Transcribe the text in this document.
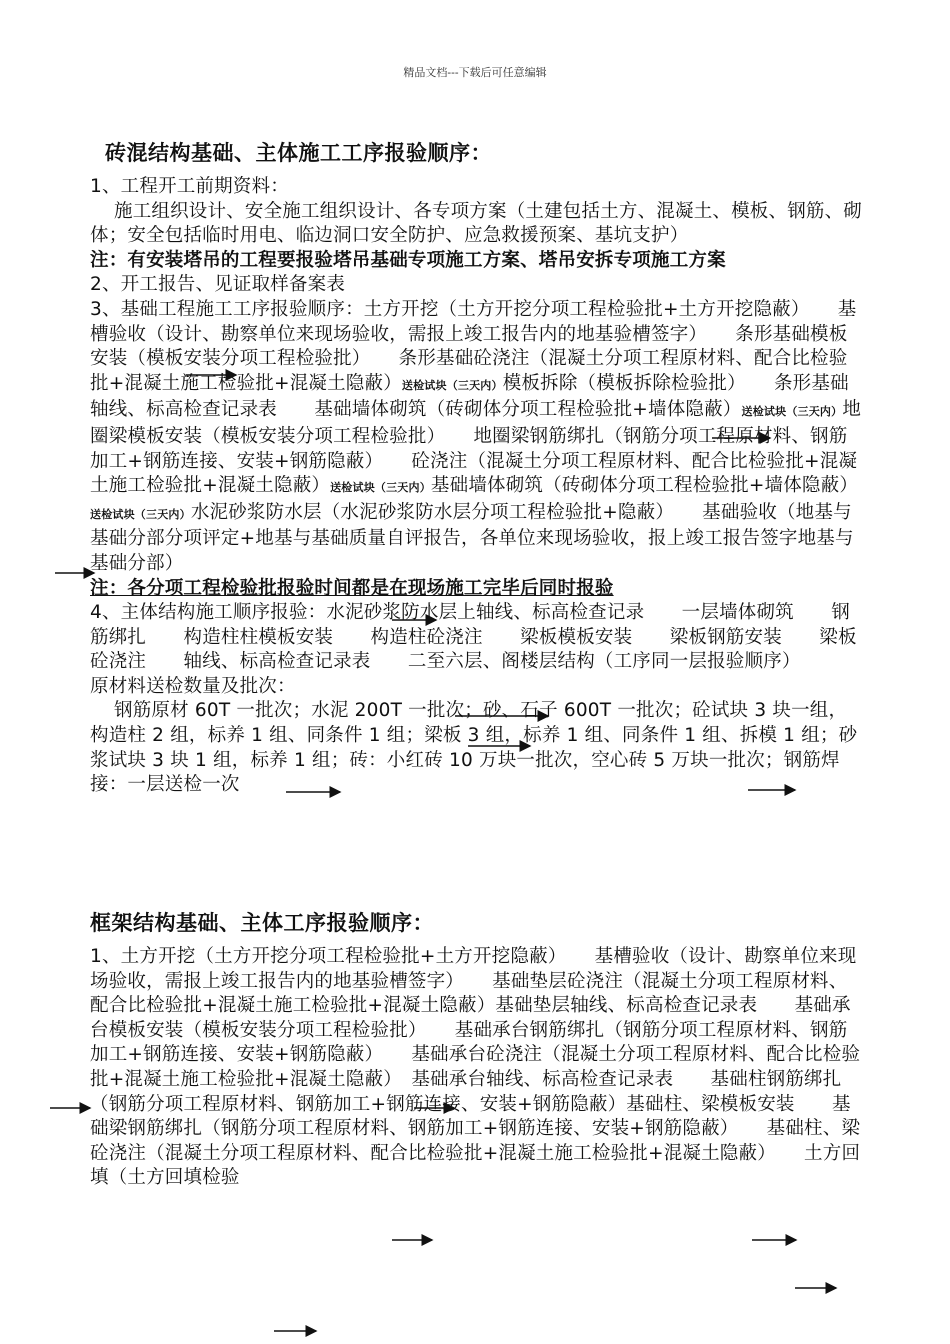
精品文档---下载后可任意编辑
砖混结构基础、主体施工工序报验顺序：

1、工程开工前期资料：

施工组织设计、安全施工组织设计、各专项方案（土建包括土方、混凝土、模板、钢筋、砌体；安全包括临时用电、临边洞口安全防护、应急救援预案、基坑支护）

注：有安装塔吊的工程要报验塔吊基础专项施工方案、塔吊安拆专项施工方案

2、开工报告、见证取样备案表

3、基础工程施工工序报验顺序：土方开挖（土方开挖分项工程检验批+土方开挖隐蔽）　　基槽验收（设计、勘察单位来现场验收，需报上竣工报告内的地基验槽签字）　　条形基础模板安装（模板安装分项工程检验批）　　条形基础砼浇注（混凝土分项工程原材料、配合比检验批+混凝土施工检验批+混凝土隐蔽）送检试块（三天内）模板拆除（模板拆除检验批）　　条形基础轴线、标高检查记录表　　基础墙体砌筑（砖砌体分项工程检验批+墙体隐蔽）送检试块（三天内）地圈梁模板安装（模板安装分项工程检验批）　　地圈梁钢筋绑扎（钢筋分项工程原材料、钢筋加工+钢筋连接、安装+钢筋隐蔽）　　砼浇注（混凝土分项工程原材料、配合比检验批+混凝土施工检验批+混凝土隐蔽）送检试块（三天内）基础墙体砌筑（砖砌体分项工程检验批+墙体隐蔽）送检试块（三天内）水泥砂浆防水层（水泥砂浆防水层分项工程检验批+隐蔽）　　基础验收（地基与基础分部分项评定+地基与基础质量自评报告，各单位来现场验收，报上竣工报告签字地基与基础分部）

注：各分项工程检验批报验时间都是在现场施工完毕后同时报验

4、主体结构施工顺序报验：水泥砂浆防水层上轴线、标高检查记录　　一层墙体砌筑　　钢筋绑扎　　构造柱柱模板安装　　构造柱砼浇注　　梁板模板安装　　梁板钢筋安装　　梁板砼浇注　　轴线、标高检查记录表　　二至六层、阁楼层结构（工序同一层报验顺序）

原材料送检数量及批次：

钢筋原材 60T 一批次；水泥 200T 一批次；砂、石子 600T 一批次；砼试块 3 块一组，构造柱 2 组，标养 1 组、同条件 1 组；梁板 3 组，标养 1 组、同条件 1 组、拆模 1 组；砂浆试块 3 块 1 组，标养 1 组；砖：小红砖 10 万块一批次，空心砖 5 万块一批次；钢筋焊接：一层送检一次

框架结构基础、主体工序报验顺序：

1、土方开挖（土方开挖分项工程检验批+土方开挖隐蔽）　　基槽验收（设计、勘察单位来现场验收，需报上竣工报告内的地基验槽签字）　　基础垫层砼浇注（混凝土分项工程原材料、配合比检验批+混凝土施工检验批+混凝土隐蔽）基础垫层轴线、标高检查记录表　　基础承台模板安装（模板安装分项工程检验批）　　基础承台钢筋绑扎（钢筋分项工程原材料、钢筋加工+钢筋连接、安装+钢筋隐蔽）　　基础承台砼浇注（混凝土分项工程原材料、配合比检验批+混凝土施工检验批+混凝土隐蔽）　基础承台轴线、标高检查记录表　　基础柱钢筋绑扎（钢筋分项工程原材料、钢筋加工+钢筋连接、安装+钢筋隐蔽）基础柱、梁模板安装　　基础梁钢筋绑扎（钢筋分项工程原材料、钢筋加工+钢筋连接、安装+钢筋隐蔽）　　基础柱、梁砼浇注（混凝土分项工程原材料、配合比检验批+混凝土施工检验批+混凝土隐蔽）　　土方回填（土方回填检验
